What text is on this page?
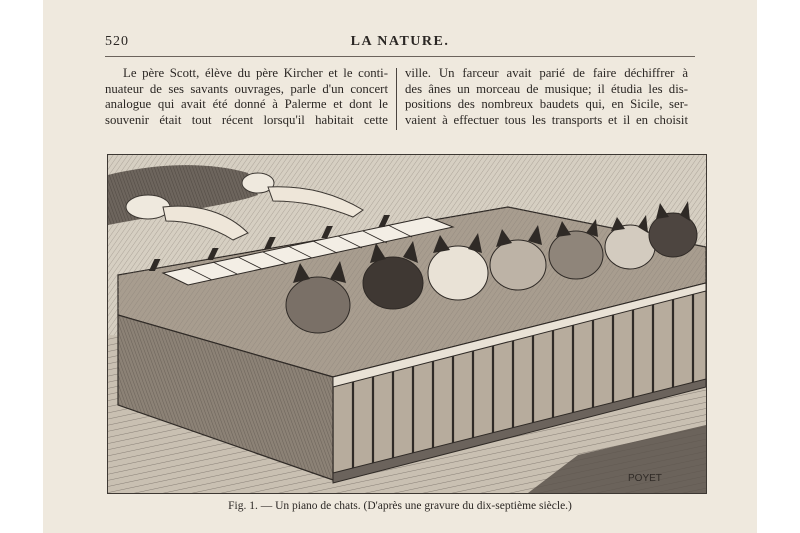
520	LA NATURE.
Le père Scott, élève du père Kircher et le conti-
nuateur de ses savants ouvrages, parle d'un concert
analogue qui avait été donné à Palerme et dont le
souvenir était tout récent lorsqu'il habitait cette
ville. Un farceur avait parié de faire déchiffrer à
des ânes un morceau de musique; il étudia les dis-
positions des nombreux baudets qui, en Sicile, ser-
vaient à effectuer tous les transports et il en choisit
POYET
Fig. 1. — Un piano de chats. (D'après une gravure du dix-septième siècle.)
